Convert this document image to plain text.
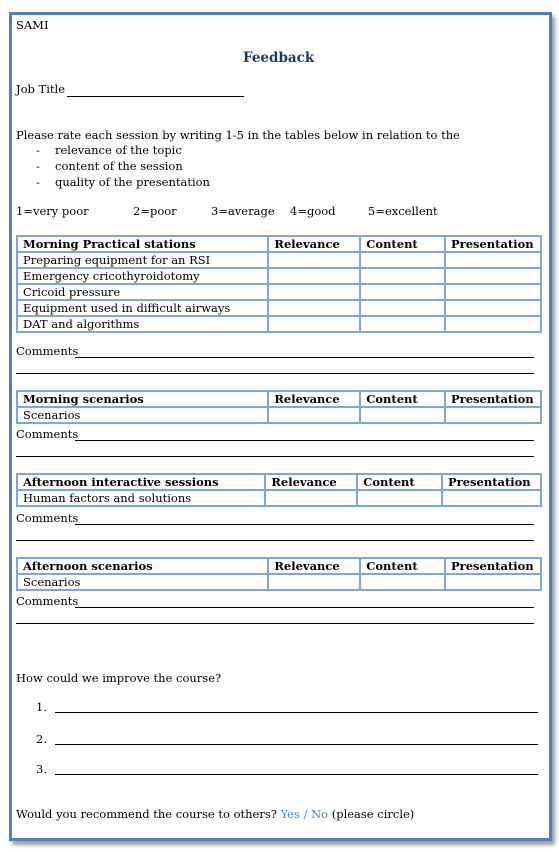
SAMI
Feedback
Job Title
Please rate each session by writing 1-5 in the tables below in relation to the
- relevance of the topic
- content of the session
- quality of the presentation
1=very poor	2=poor	3=average 4=good	5=excellent
Morning Practical stations	Relevance	Content	Presentation
Preparing equipment for an RSI			
Emergency cricothyroidotomy			
Cricoid pressure			
Equipment used in difficult airways			
DAT and algorithms			
Comments
Morning scenarios	Relevance	Content	Presentation
Scenarios			
Comments
Afternoon interactive sessions	Relevance	Content	Presentation
Human factors and solutions			
Comments
Afternoon scenarios	Relevance	Content	Presentation
Scenarios			
Comments
How could we improve the course?
1.
2.
3.
Would you recommend the course to others? Yes / No (please circle)
